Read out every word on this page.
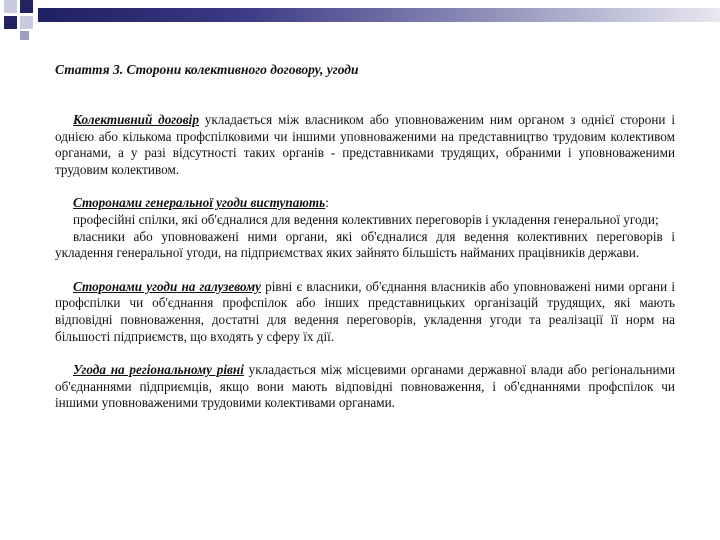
Стаття 3. Сторони колективного договору, угоди

Колективний договір укладається між власником або уповноваженим ним органом з однієї сторони і однією або кількома профспілковими чи іншими уповноваженими на представництво трудовим колективом органами, а у разі відсутності таких органів - представниками трудящих, обраними і уповноваженими трудовим колективом.

Сторонами генеральної угоди виступають:

професійні спілки, які об'єдналися для ведення колективних переговорів і укладення генеральної угоди;

власники або уповноважені ними органи, які об'єдналися для ведення колективних переговорів і укладення генеральної угоди, на підприємствах яких зайнято більшість найманих працівників держави.

Сторонами угоди на галузевому рівні є власники, об'єднання власників або уповноважені ними органи і профспілки чи об'єднання профспілок або інших представницьких організацій трудящих, які мають відповідні повноваження, достатні для ведення переговорів, укладення угоди та реалізації її норм на більшості підприємств, що входять у сферу їх дії.

Угода на регіональному рівні укладається між місцевими органами державної влади або регіональними об'єднаннями підприємців, якщо вони мають відповідні повноваження, і об'єднаннями профспілок чи іншими уповноваженими трудовими колективами органами.
